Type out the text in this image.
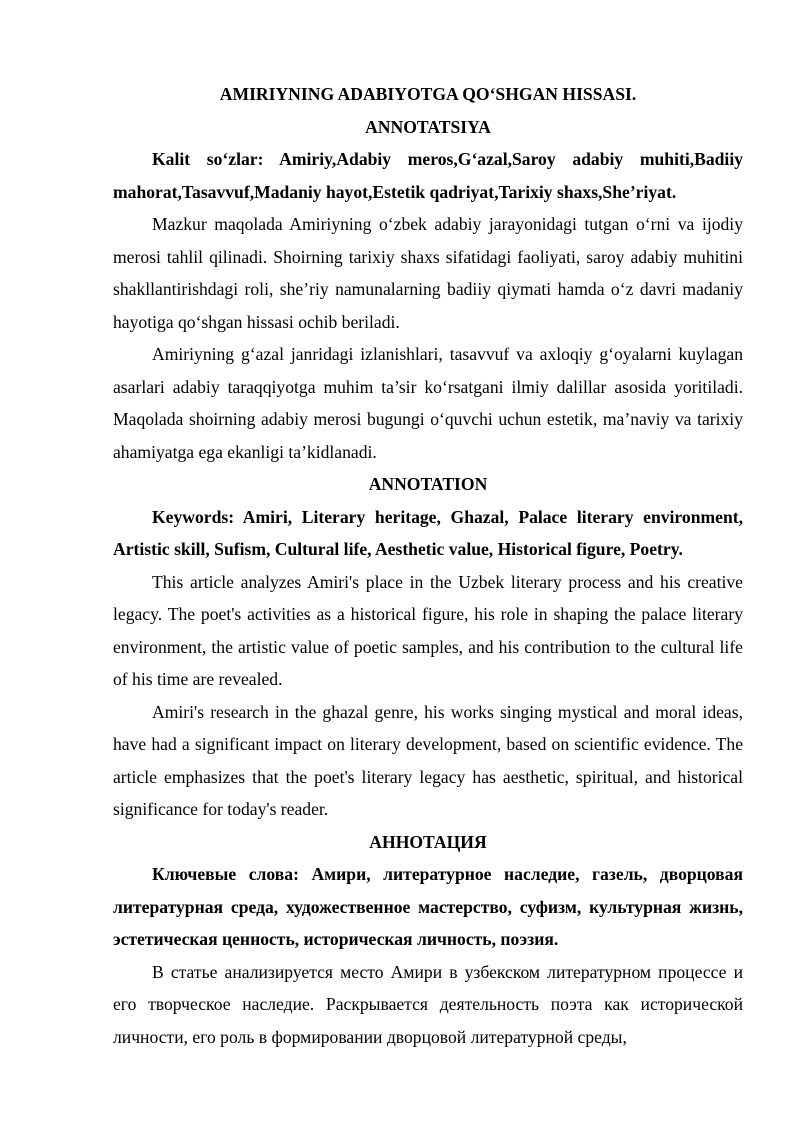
AMIRIYNING ADABIYOTGA QO‘SHGAN HISSASI.
ANNOTATSIYA

Kalit so‘zlar: Amiriy,Adabiy meros,G‘azal,Saroy adabiy muhiti,Badiiy mahorat,Tasavvuf,Madaniy hayot,Estetik qadriyat,Tarixiy shaxs,She’riyat.

Mazkur maqolada Amiriyning o‘zbek adabiy jarayonidagi tutgan o‘rni va ijodiy merosi tahlil qilinadi. Shoirning tarixiy shaxs sifatidagi faoliyati, saroy adabiy muhitini shakllantirishdagi roli, she’riy namunalarning badiiy qiymati hamda o‘z davri madaniy hayotiga qo‘shgan hissasi ochib beriladi.

Amiriyning g‘azal janridagi izlanishlari, tasavvuf va axloqiy g‘oyalarni kuylagan asarlari adabiy taraqqiyotga muhim ta’sir ko‘rsatgani ilmiy dalillar asosida yoritiladi. Maqolada shoirning adabiy merosi bugungi o‘quvchi uchun estetik, ma’naviy va tarixiy ahamiyatga ega ekanligi ta’kidlanadi.

ANNOTATION

Keywords: Amiri, Literary heritage, Ghazal, Palace literary environment, Artistic skill, Sufism, Cultural life, Aesthetic value, Historical figure, Poetry.

This article analyzes Amiri's place in the Uzbek literary process and his creative legacy. The poet's activities as a historical figure, his role in shaping the palace literary environment, the artistic value of poetic samples, and his contribution to the cultural life of his time are revealed.

Amiri's research in the ghazal genre, his works singing mystical and moral ideas, have had a significant impact on literary development, based on scientific evidence. The article emphasizes that the poet's literary legacy has aesthetic, spiritual, and historical significance for today's reader.

АННОТАЦИЯ

Ключевые слова: Амири, литературное наследие, газель, дворцовая литературная среда, художественное мастерство, суфизм, культурная жизнь, эстетическая ценность, историческая личность, поэзия.

В статье анализируется место Амири в узбекском литературном процессе и его творческое наследие. Раскрывается деятельность поэта как исторической личности, его роль в формировании дворцовой литературной среды,
